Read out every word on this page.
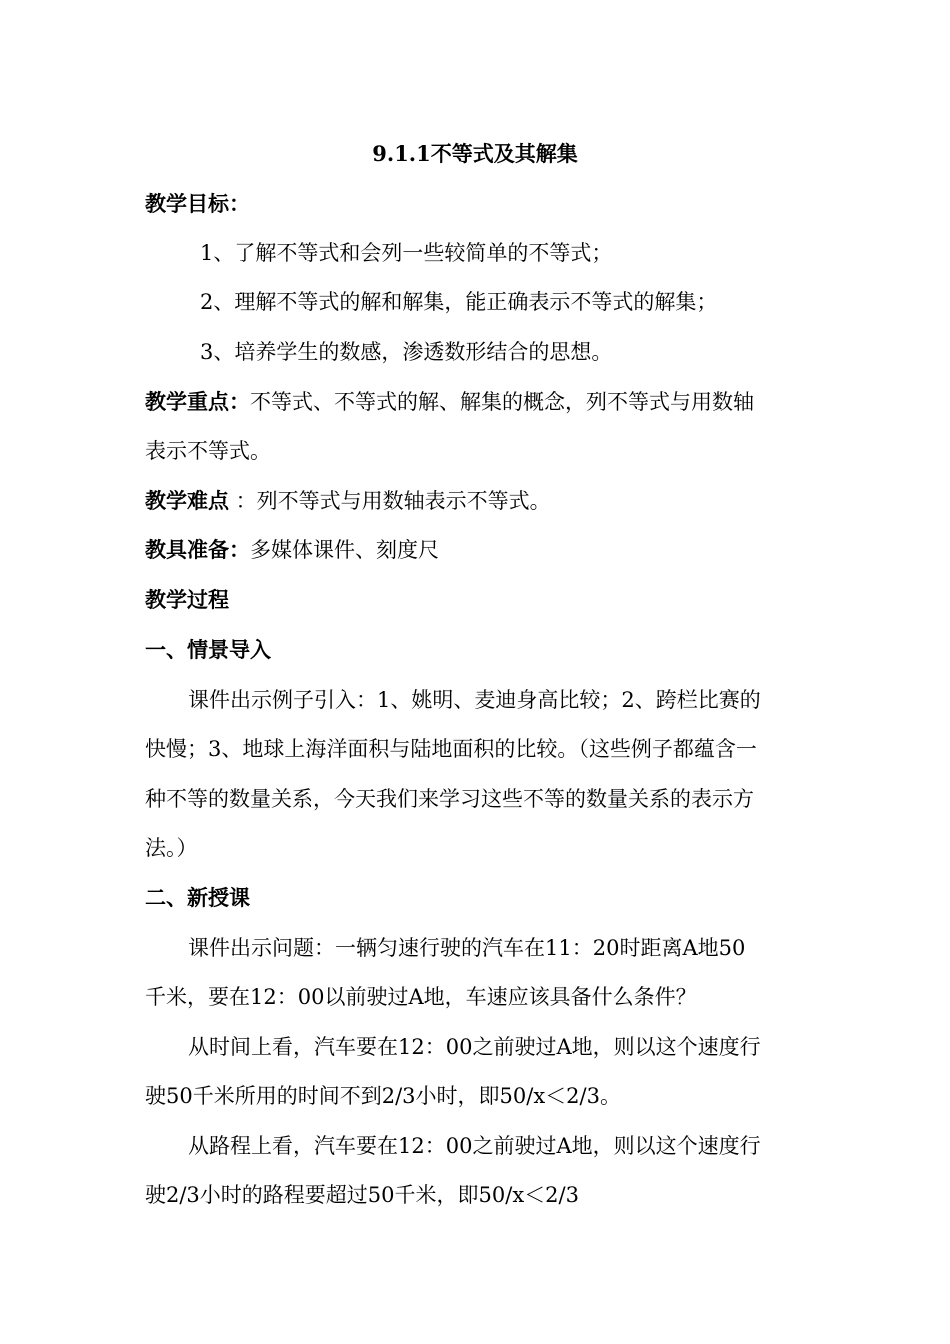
9.1.1不等式及其解集
教学目标：
1、了解不等式和会列一些较简单的不等式；
2、理解不等式的解和解集，能正确表示不等式的解集；
3、培养学生的数感，渗透数形结合的思想。
教学重点：不等式、不等式的解、解集的概念，列不等式与用数轴
表示不等式。
教学难点 ：列不等式与用数轴表示不等式。
教具准备：多媒体课件、刻度尺
教学过程
一、情景导入
课件出示例子引入：1、姚明、麦迪身高比较；2、跨栏比赛的
快慢；3、地球上海洋面积与陆地面积的比较。（这些例子都蕴含一
种不等的数量关系，今天我们来学习这些不等的数量关系的表示方
法。）
二、新授课
课件出示问题：一辆匀速行驶的汽车在11：20时距离A地50
千米，要在12：00以前驶过A地，车速应该具备什么条件？
从时间上看，汽车要在12：00之前驶过A地，则以这个速度行
驶50千米所用的时间不到2/3小时，即50/x＜2/3。
从路程上看，汽车要在12：00之前驶过A地，则以这个速度行
驶2/3小时的路程要超过50千米，即50/x＜2/3
